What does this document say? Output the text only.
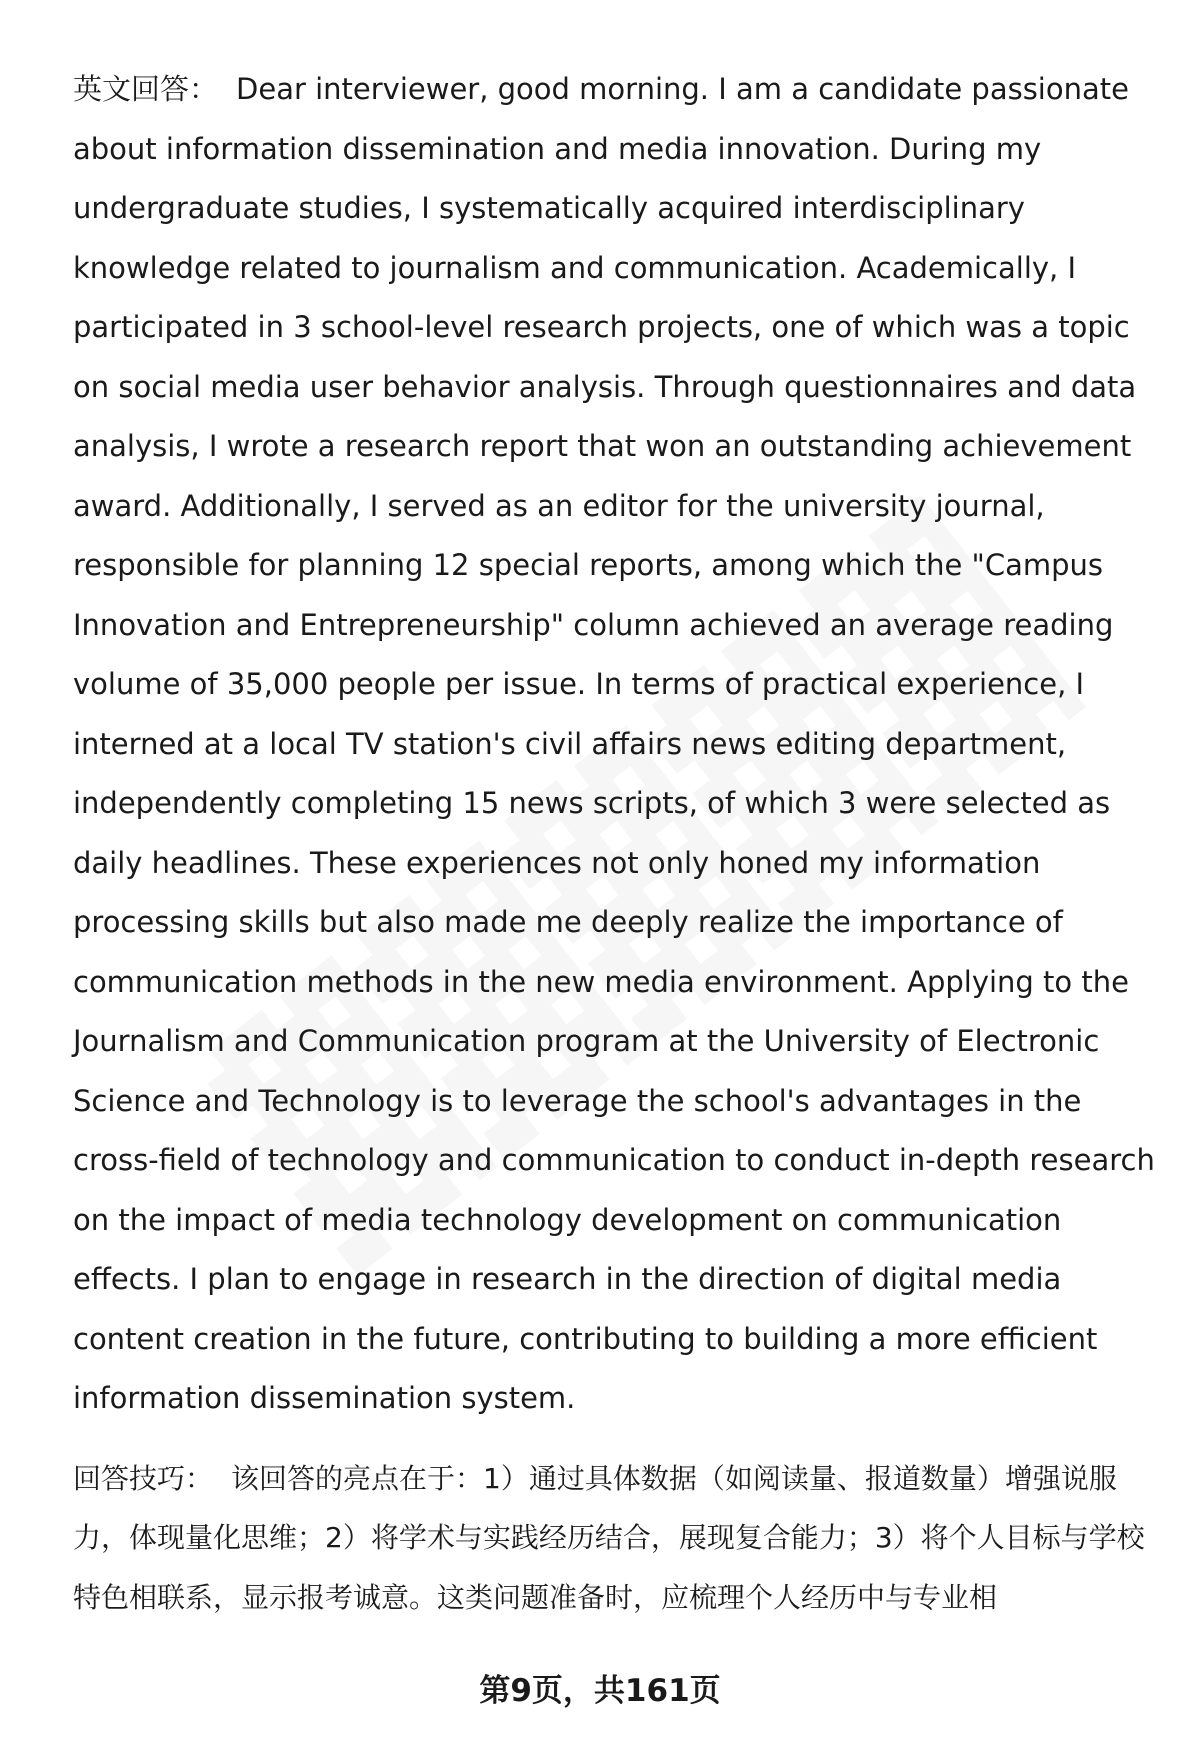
英文回答： Dear interviewer, good morning. I am a candidate passionate about information dissemination and media innovation. During my undergraduate studies, I systematically acquired interdisciplinary knowledge related to journalism and communication. Academically, I participated in 3 school-level research projects, one of which was a topic on social media user behavior analysis. Through questionnaires and data analysis, I wrote a research report that won an outstanding achievement award. Additionally, I served as an editor for the university journal, responsible for planning 12 special reports, among which the "Campus Innovation and Entrepreneurship" column achieved an average reading volume of 35,000 people per issue. In terms of practical experience, I interned at a local TV station's civil affairs news editing department, independently completing 15 news scripts, of which 3 were selected as daily headlines. These experiences not only honed my information processing skills but also made me deeply realize the importance of communication methods in the new media environment. Applying to the Journalism and Communication program at the University of Electronic Science and Technology is to leverage the school's advantages in the cross-field of technology and communication to conduct in-depth research on the impact of media technology development on communication effects. I plan to engage in research in the direction of digital media content creation in the future, contributing to building a more efficient information dissemination system.

回答技巧： 该回答的亮点在于：1）通过具体数据（如阅读量、报道数量）增强说服力，体现量化思维；2）将学术与实践经历结合，展现复合能力；3）将个人目标与学校特色相联系，显示报考诚意。这类问题准备时，应梳理个人经历中与专业相

第9页，共161页
